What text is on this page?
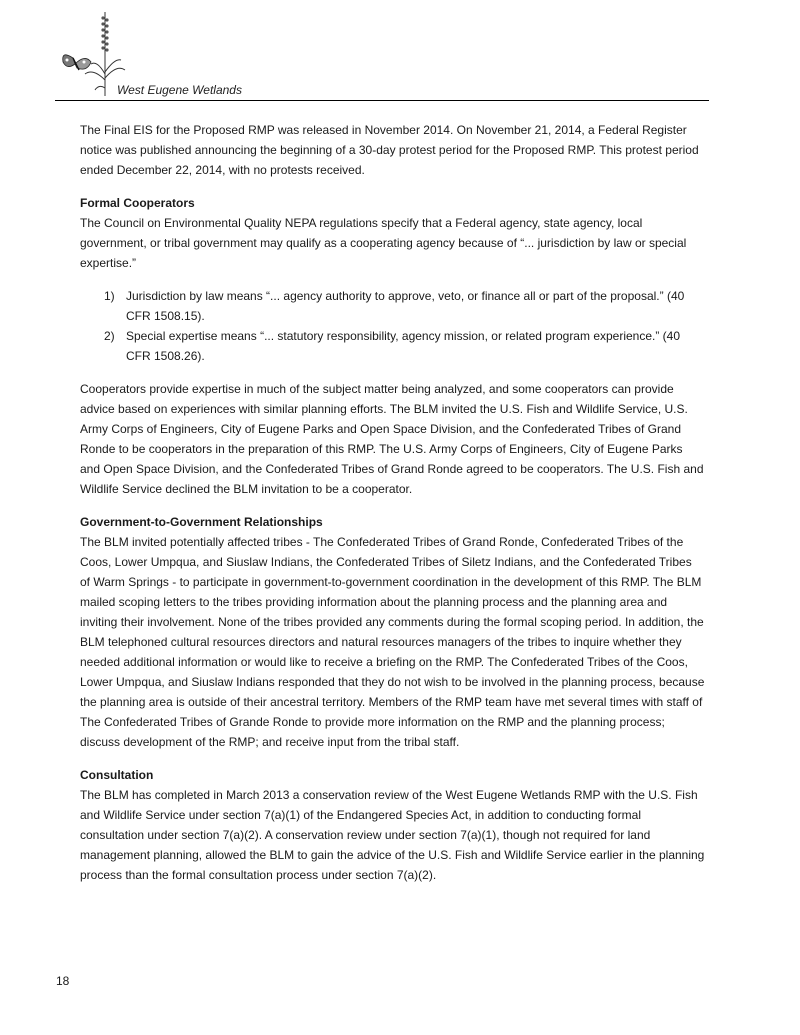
West Eugene Wetlands

The Final EIS for the Proposed RMP was released in November 2014. On November 21, 2014, a Federal Register notice was published announcing the beginning of a 30-day protest period for the Proposed RMP. This protest period ended December 22, 2014, with no protests received.

Formal Cooperators

The Council on Environmental Quality NEPA regulations specify that a Federal agency, state agency, local government, or tribal government may qualify as a cooperating agency because of “... jurisdiction by law or special expertise.”

1) Jurisdiction by law means “... agency authority to approve, veto, or finance all or part of the proposal.” (40 CFR 1508.15).
2) Special expertise means “... statutory responsibility, agency mission, or related program experience.” (40 CFR 1508.26).

Cooperators provide expertise in much of the subject matter being analyzed, and some cooperators can provide advice based on experiences with similar planning efforts. The BLM invited the U.S. Fish and Wildlife Service, U.S. Army Corps of Engineers, City of Eugene Parks and Open Space Division, and the Confederated Tribes of Grand Ronde to be cooperators in the preparation of this RMP. The U.S. Army Corps of Engineers, City of Eugene Parks and Open Space Division, and the Confederated Tribes of Grand Ronde agreed to be cooperators. The U.S. Fish and Wildlife Service declined the BLM invitation to be a cooperator.

Government-to-Government Relationships

The BLM invited potentially affected tribes - The Confederated Tribes of Grand Ronde, Confederated Tribes of the Coos, Lower Umpqua, and Siuslaw Indians, the Confederated Tribes of Siletz Indians, and the Confederated Tribes of Warm Springs - to participate in government-to-government coordination in the development of this RMP. The BLM mailed scoping letters to the tribes providing information about the planning process and the planning area and inviting their involvement. None of the tribes provided any comments during the formal scoping period. In addition, the BLM telephoned cultural resources directors and natural resources managers of the tribes to inquire whether they needed additional information or would like to receive a briefing on the RMP. The Confederated Tribes of the Coos, Lower Umpqua, and Siuslaw Indians responded that they do not wish to be involved in the planning process, because the planning area is outside of their ancestral territory. Members of the RMP team have met several times with staff of The Confederated Tribes of Grande Ronde to provide more information on the RMP and the planning process; discuss development of the RMP; and receive input from the tribal staff.

Consultation

The BLM has completed in March 2013 a conservation review of the West Eugene Wetlands RMP with the U.S. Fish and Wildlife Service under section 7(a)(1) of the Endangered Species Act, in addition to conducting formal consultation under section 7(a)(2). A conservation review under section 7(a)(1), though not required for land management planning, allowed the BLM to gain the advice of the U.S. Fish and Wildlife Service earlier in the planning process than the formal consultation process under section 7(a)(2).

18
